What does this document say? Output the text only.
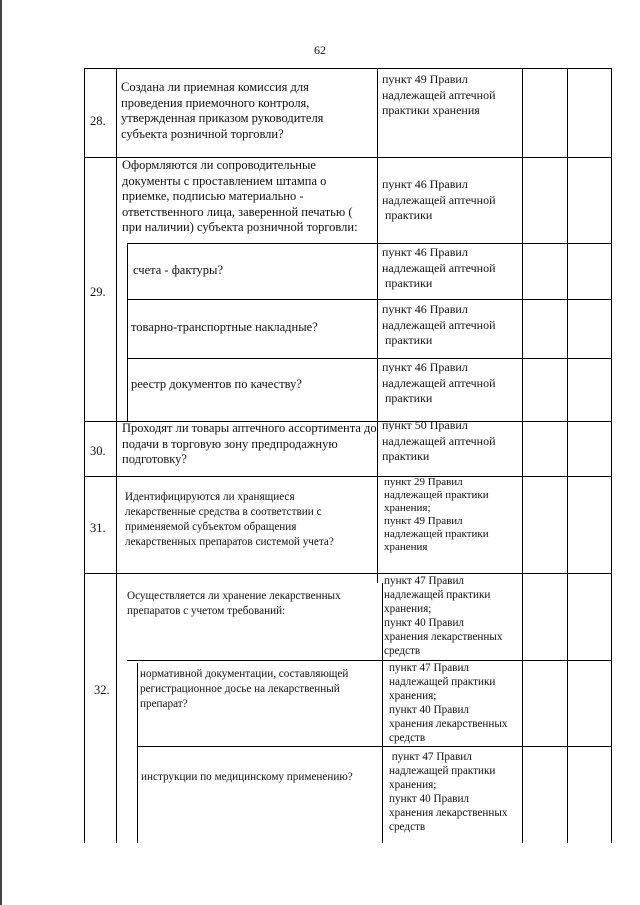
62
28.
Создана ли приемная комиссия для проведения приемочного контроля, утвержденная приказом руководителя субъекта розничной торговли?
пункт 49 Правил
надлежащей аптечной
практики хранения
29.
Оформляются ли сопроводительные документы с проставлением штампа о приемке, подписью материально - ответственного лица, заверенной печатью ( при наличии) субъекта розничной торговли:
пункт 46 Правил
надлежащей аптечной
практики
счета - фактуры?
пункт 46 Правил
надлежащей аптечной
практики
товарно-транспортные накладные?
пункт 46 Правил
надлежащей аптечной
практики
реестр документов по качеству?
пункт 46 Правил
надлежащей аптечной
практики
30.
Проходят ли товары аптечного ассортимента до подачи в торговую зону предпродажную подготовку?
пункт 50 Правил
надлежащей аптечной
практики
31.
Идентифицируются ли хранящиеся лекарственные средства в соответствии с применяемой субъектом обращения лекарственных препаратов системой учета?
пункт 29 Правил
надлежащей практики
хранения;
пункт 49 Правил
надлежащей практики
хранения
32.
Осуществляется ли хранение лекарственных препаратов с учетом требований:
пункт 47 Правил
надлежащей практики
хранения;
пункт 40 Правил
хранения лекарственных
средств
нормативной документации, составляющей регистрационное досье на лекарственный препарат?
пункт 47 Правил
надлежащей практики
хранения;
пункт 40 Правил
хранения лекарственных
средств
инструкции по медицинскому применению?
пункт 47 Правил
надлежащей практики
хранения;
пункт 40 Правил
хранения лекарственных
средств
